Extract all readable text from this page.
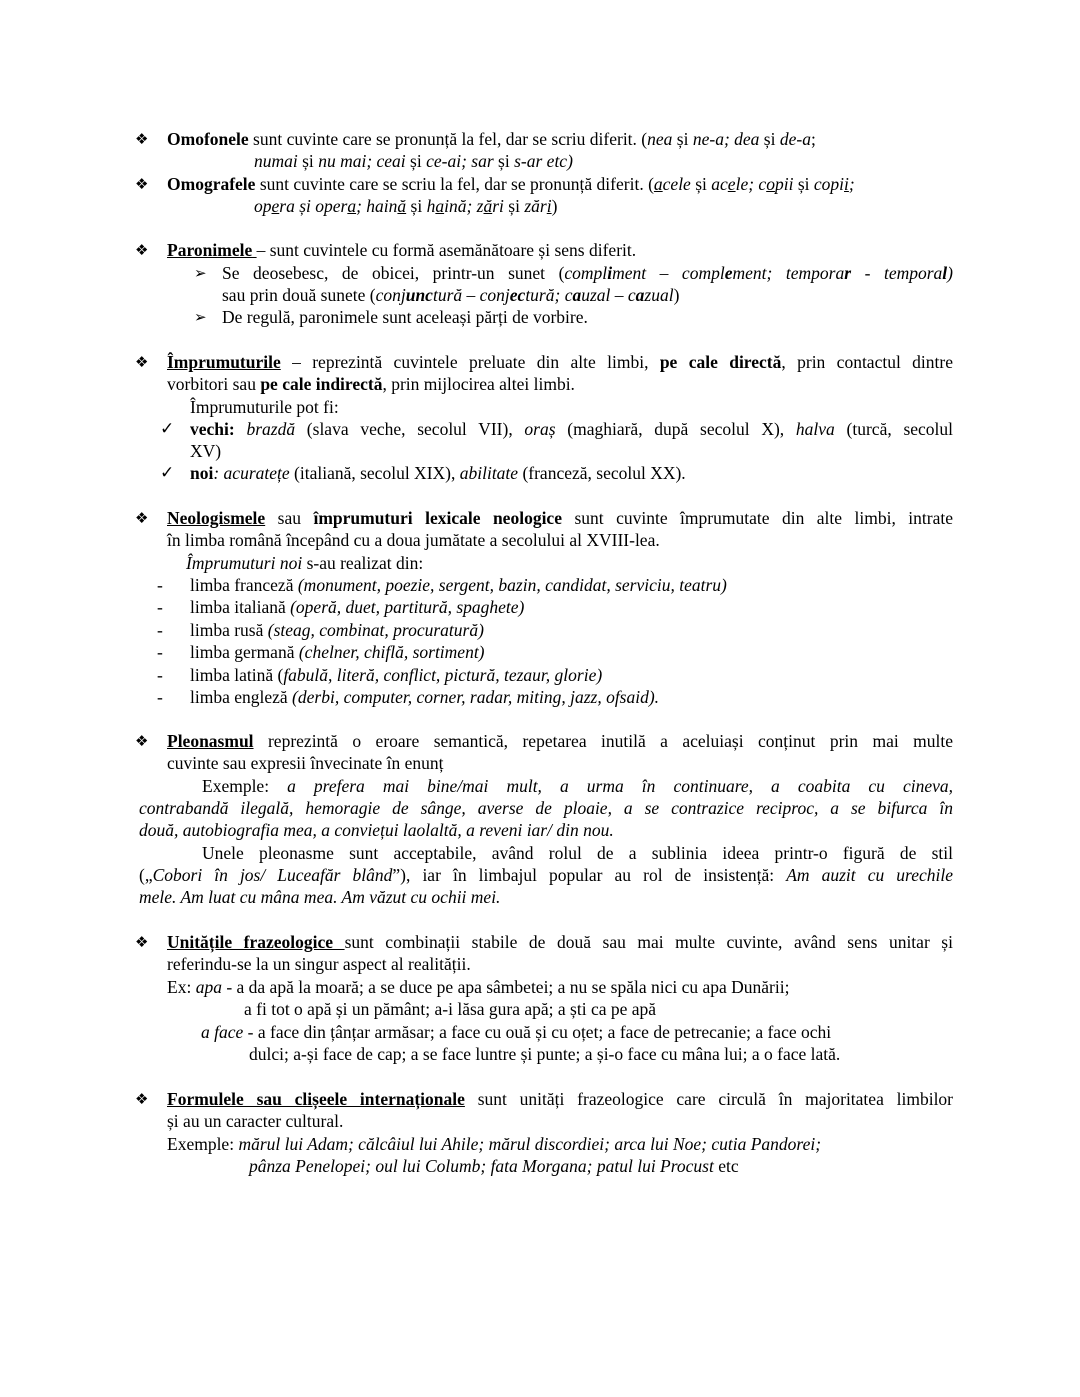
❖ Omofonele sunt cuvinte care se pronunță la fel, dar se scriu diferit. (nea și ne-a; dea și de-a;
numai și nu mai; ceai și ce-ai; sar și s-ar etc)
❖ Omografele sunt cuvinte care se scriu la fel, dar se pronunță diferit. (acele și acele; copii și copii;
opera și opera; haină și haină; zări și zări)
❖ Paronimele – sunt cuvintele cu formă asemănătoare și sens diferit.
➢ Se deosebesc, de obicei, printr-un sunet (compliment – complement; temporar - temporal)
sau prin două sunete (conjunctură – conjectură; cauzal – cazual)
➢ De regulă, paronimele sunt aceleași părți de vorbire.
❖ Împrumuturile – reprezintă cuvintele preluate din alte limbi, pe cale directă, prin contactul dintre
vorbitori sau pe cale indirectă, prin mijlocirea altei limbi.
Împrumuturile pot fi:
✓ vechi: brazdă (slava veche, secolul VII), oraș (maghiară, după secolul X), halva (turcă, secolul
XV)
✓ noi: acuratețe (italiană, secolul XIX), abilitate (franceză, secolul XX).
❖ Neologismele sau împrumuturi lexicale neologice sunt cuvinte împrumutate din alte limbi, intrate
în limba română începând cu a doua jumătate a secolului al XVIII-lea.
Împrumuturi noi s-au realizat din:
- limba franceză (monument, poezie, sergent, bazin, candidat, serviciu, teatru)
- limba italiană (operă, duet, partitură, spaghete)
- limba rusă (steag, combinat, procuratură)
- limba germană (chelner, chiflă, sortiment)
- limba latină (fabulă, literă, conflict, pictură, tezaur, glorie)
- limba engleză (derbi, computer, corner, radar, miting, jazz, ofsaid).
❖ Pleonasmul reprezintă o eroare semantică, repetarea inutilă a aceluiași conținut prin mai multe
cuvinte sau expresii învecinate în enunț
Exemple: a prefera mai bine/mai mult, a urma în continuare, a coabita cu cineva,
contrabandă ilegală, hemoragie de sânge, averse de ploaie, a se contrazice reciproc, a se bifurca în
două, autobiografia mea, a conviețui laolaltă, a reveni iar/ din nou.
Unele pleonasme sunt acceptabile, având rolul de a sublinia ideea printr-o figură de stil
(„Cobori în jos/ Luceafăr blând”), iar în limbajul popular au rol de insistență: Am auzit cu urechile
mele. Am luat cu mâna mea. Am văzut cu ochii mei.
❖ Unitățile frazeologice sunt combinații stabile de două sau mai multe cuvinte, având sens unitar și
referindu-se la un singur aspect al realității.
Ex: apa - a da apă la moară; a se duce pe apa sâmbetei; a nu se spăla nici cu apa Dunării;
a fi tot o apă și un pământ; a-i lăsa gura apă; a ști ca pe apă
a face - a face din țânțar armăsar; a face cu ouă și cu oțet; a face de petrecanie; a face ochi
dulci; a-și face de cap; a se face luntre și punte; a și-o face cu mâna lui; a o face lată.
❖ Formulele sau clișeele internaționale sunt unități frazeologice care circulă în majoritatea limbilor
și au un caracter cultural.
Exemple: mărul lui Adam; călcâiul lui Ahile; mărul discordiei; arca lui Noe; cutia Pandorei;
pânza Penelopei; oul lui Columb; fata Morgana; patul lui Procust etc
